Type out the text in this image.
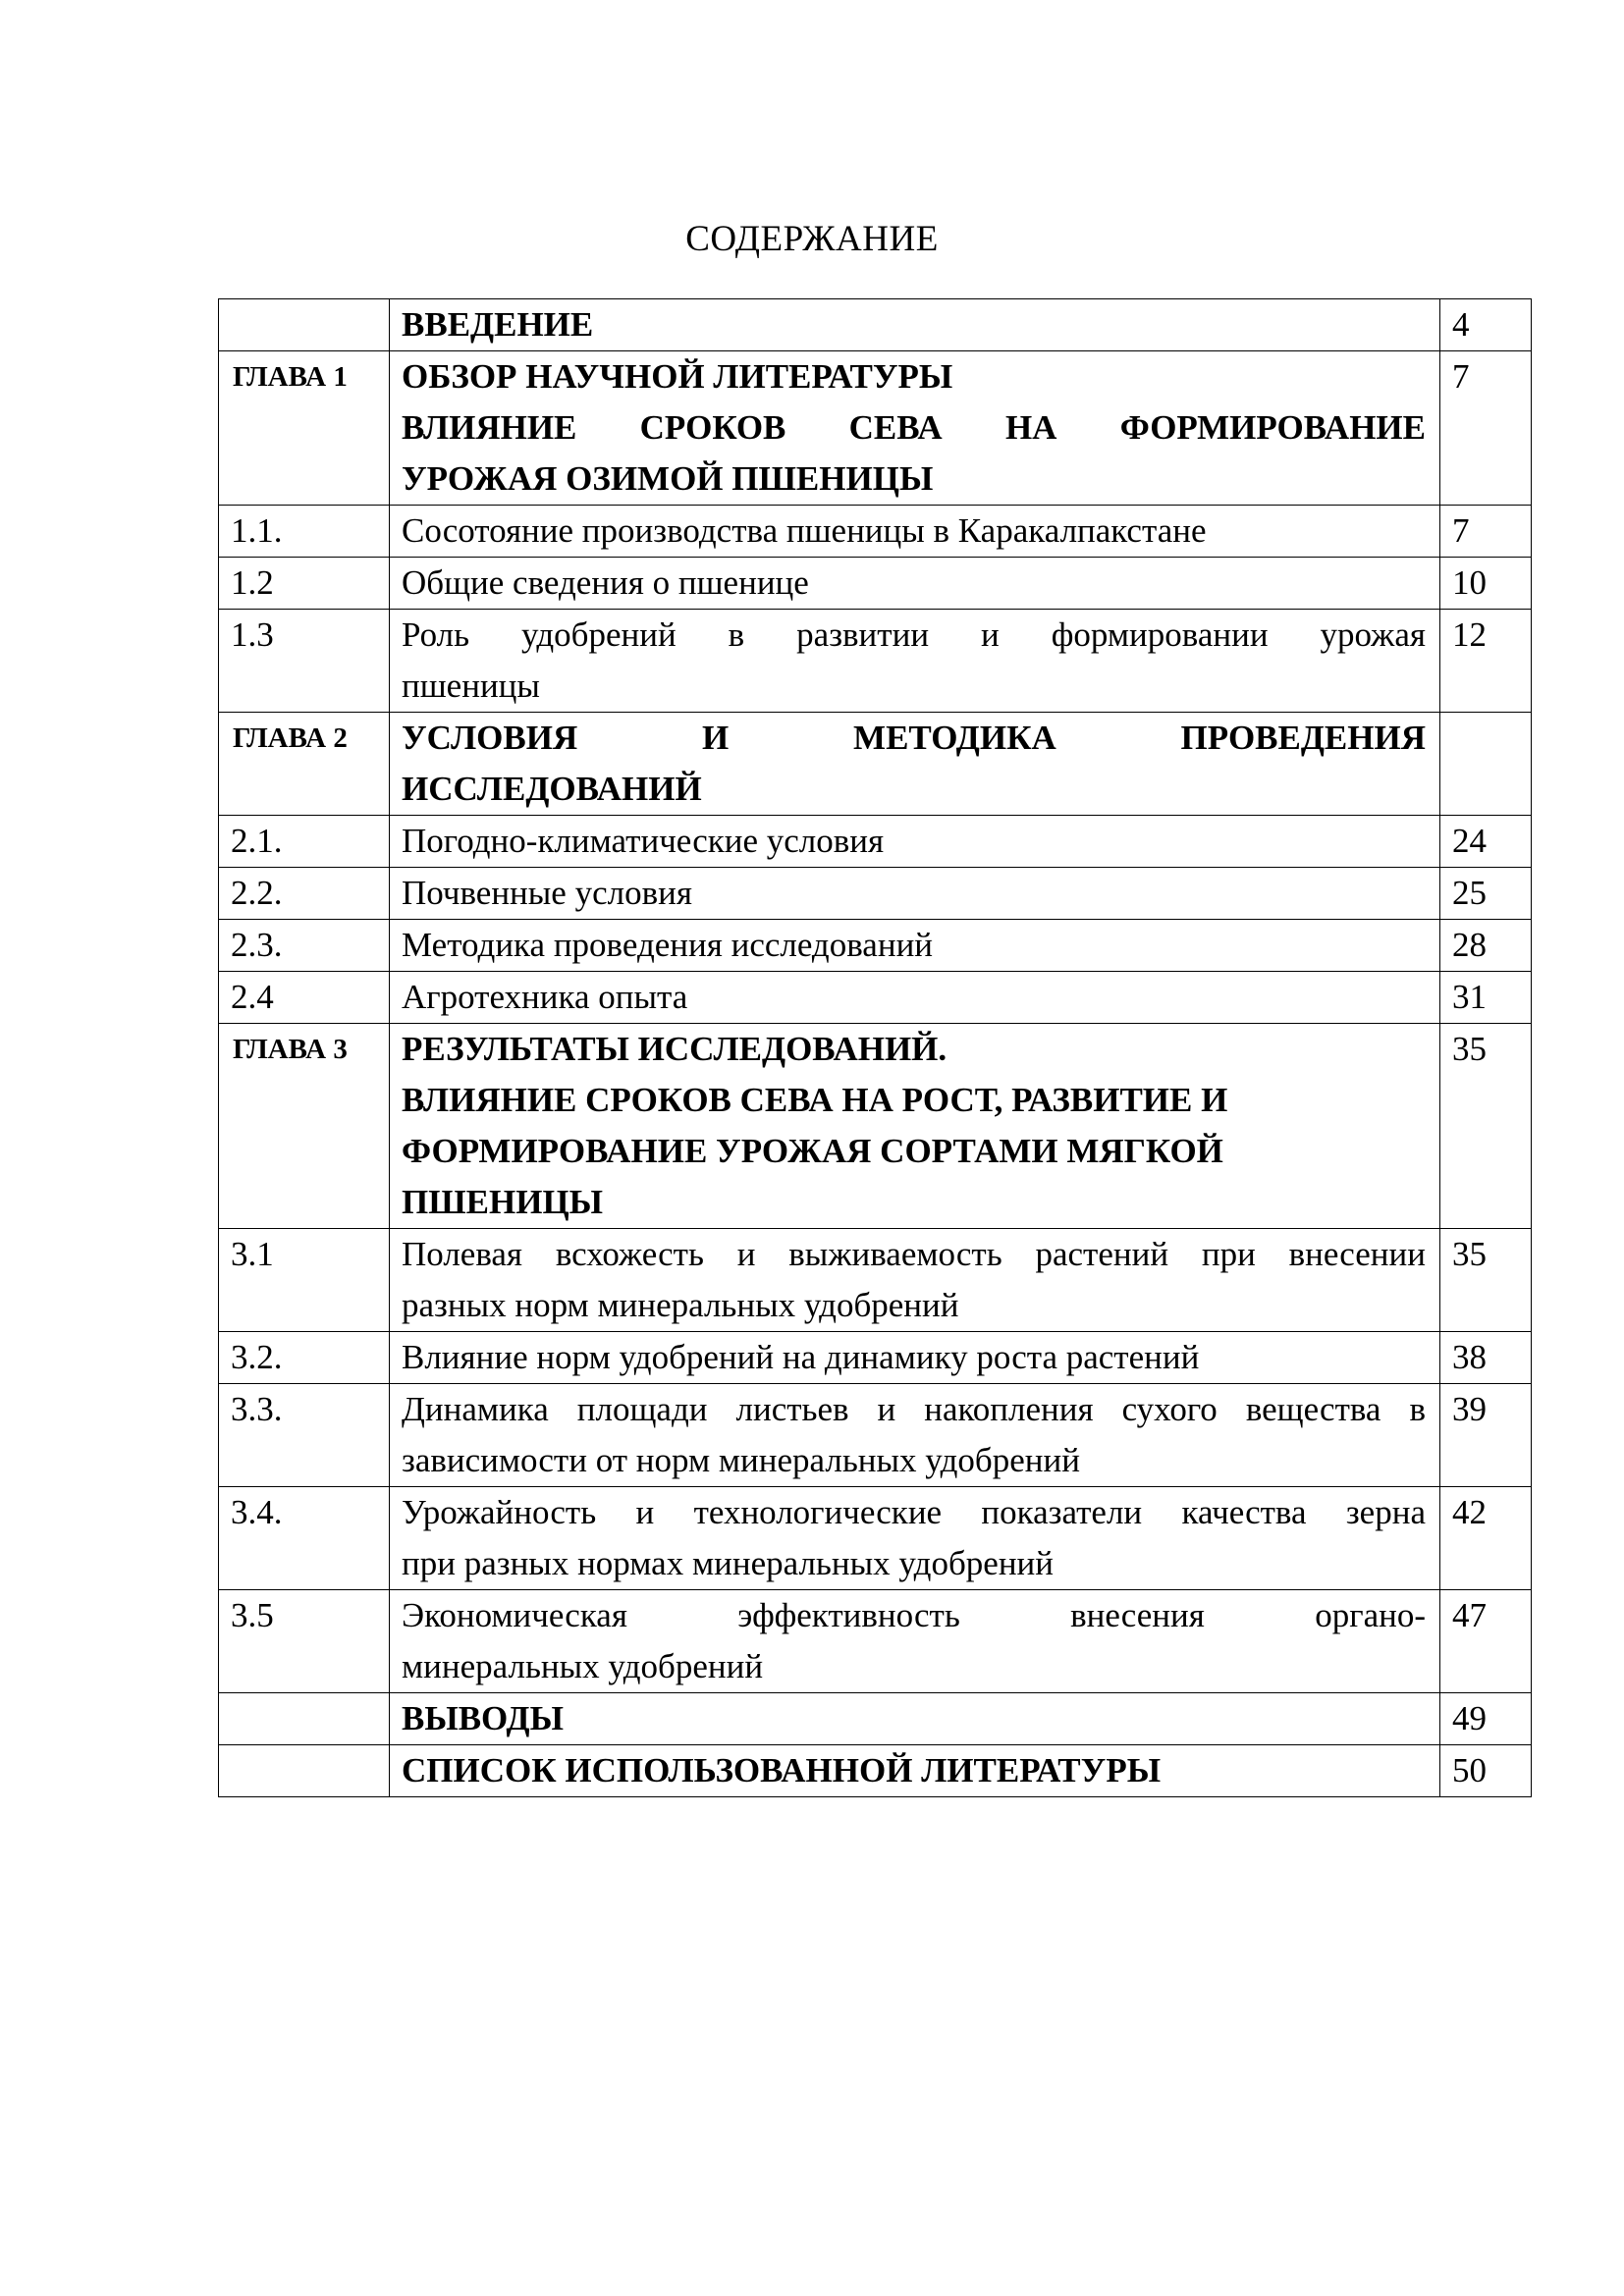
СОДЕРЖАНИЕ

	ВВЕДЕНИЕ	4
ГЛАВА 1	ОБЗОР НАУЧНОЙ ЛИТЕРАТУРЫ
ВЛИЯНИЕ СРОКОВ СЕВА НА ФОРМИРОВАНИЕ
УРОЖАЯ ОЗИМОЙ ПШЕНИЦЫ	7
1.1.	Сосотояние производства пшеницы в Каракалпакстане	7
1.2	Общие сведения о пшенице	10
1.3	Роль удобрений в развитии и формировании урожая
пшеницы	12
ГЛАВА 2	УСЛОВИЯ И МЕТОДИКА ПРОВЕДЕНИЯ
ИССЛЕДОВАНИЙ	

2.1.	Погодно-климатические условия	24
2.2.	Почвенные условия	25
2.3.	Методика проведения исследований	28
2.4	Агротехника опыта	31
ГЛАВА 3	РЕЗУЛЬТАТЫ ИССЛЕДОВАНИЙ.
ВЛИЯНИЕ СРОКОВ СЕВА НА РОСТ, РАЗВИТИЕ И
ФОРМИРОВАНИЕ УРОЖАЯ СОРТАМИ МЯГКОЙ
ПШЕНИЦЫ	35
3.1	Полевая всхожесть и выживаемость растений при внесении
разных норм минеральных удобрений	35
3.2.	Влияние норм удобрений на динамику роста растений	38
3.3.	Динамика площади листьев и накопления сухого вещества в
зависимости от норм минеральных удобрений	39
3.4.	Урожайность и технологические показатели качества зерна
при разных нормах минеральных удобрений	42
3.5	Экономическая эффективность внесения органо-
минеральных удобрений	47

	ВЫВОДЫ	49

	СПИСОК ИСПОЛЬЗОВАННОЙ ЛИТЕРАТУРЫ	50
